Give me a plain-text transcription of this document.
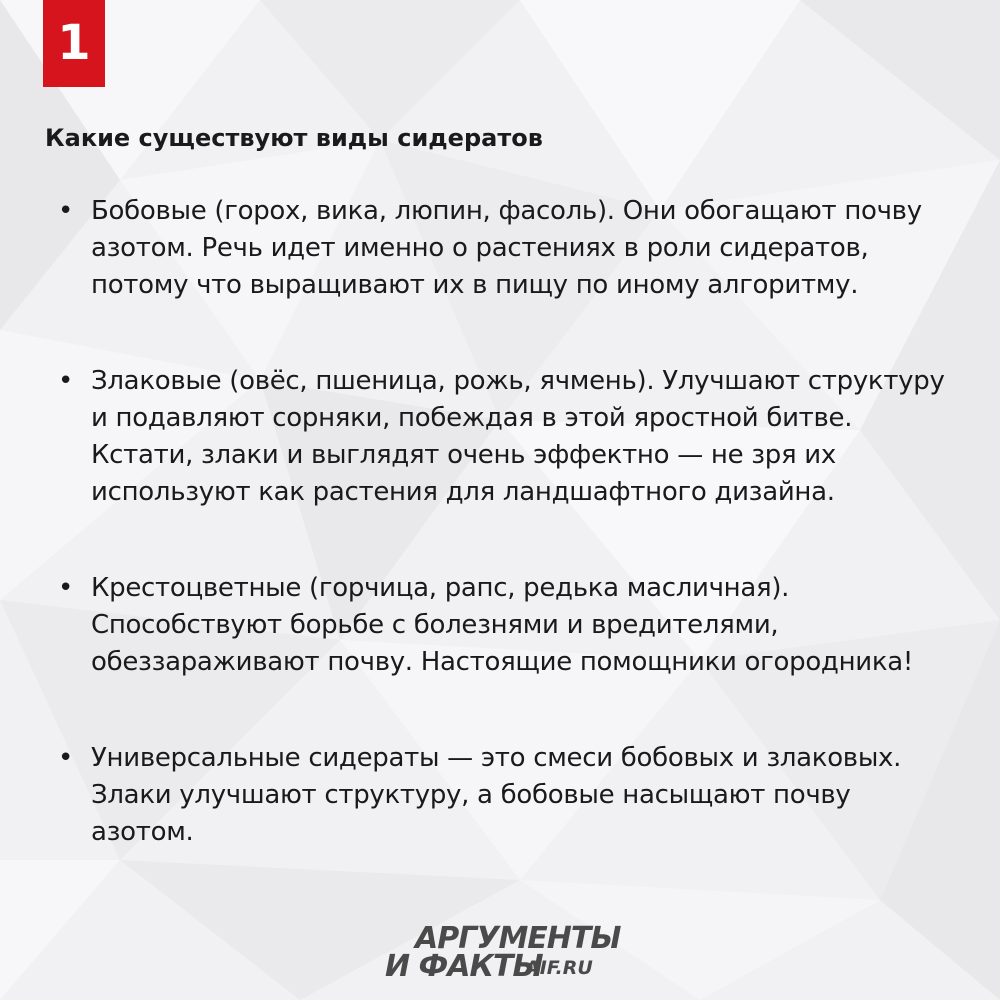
1
Какие существуют виды сидератов
• Бобовые (горох, вика, люпин, фасоль). Они обогащают почву азотом. Речь идет именно о растениях в роли сидератов, потому что выращивают их в пищу по иному алгоритму.
• Злаковые (овёс, пшеница, рожь, ячмень). Улучшают структуру и подавляют сорняки, побеждая в этой яростной битве. Кстати, злаки и выглядят очень эффектно — не зря их используют как растения для ландшафтного дизайна.
• Крестоцветные (горчица, рапс, редька масличная). Способствуют борьбе с болезнями и вредителями, обеззараживают почву. Настоящие помощники огородника!
• Универсальные сидераты — это смеси бобовых и злаковых. Злаки улучшают структуру, а бобовые насыщают почву азотом.
АРГУМЕНТЫ
И ФАКТЫ
AIF.RU
